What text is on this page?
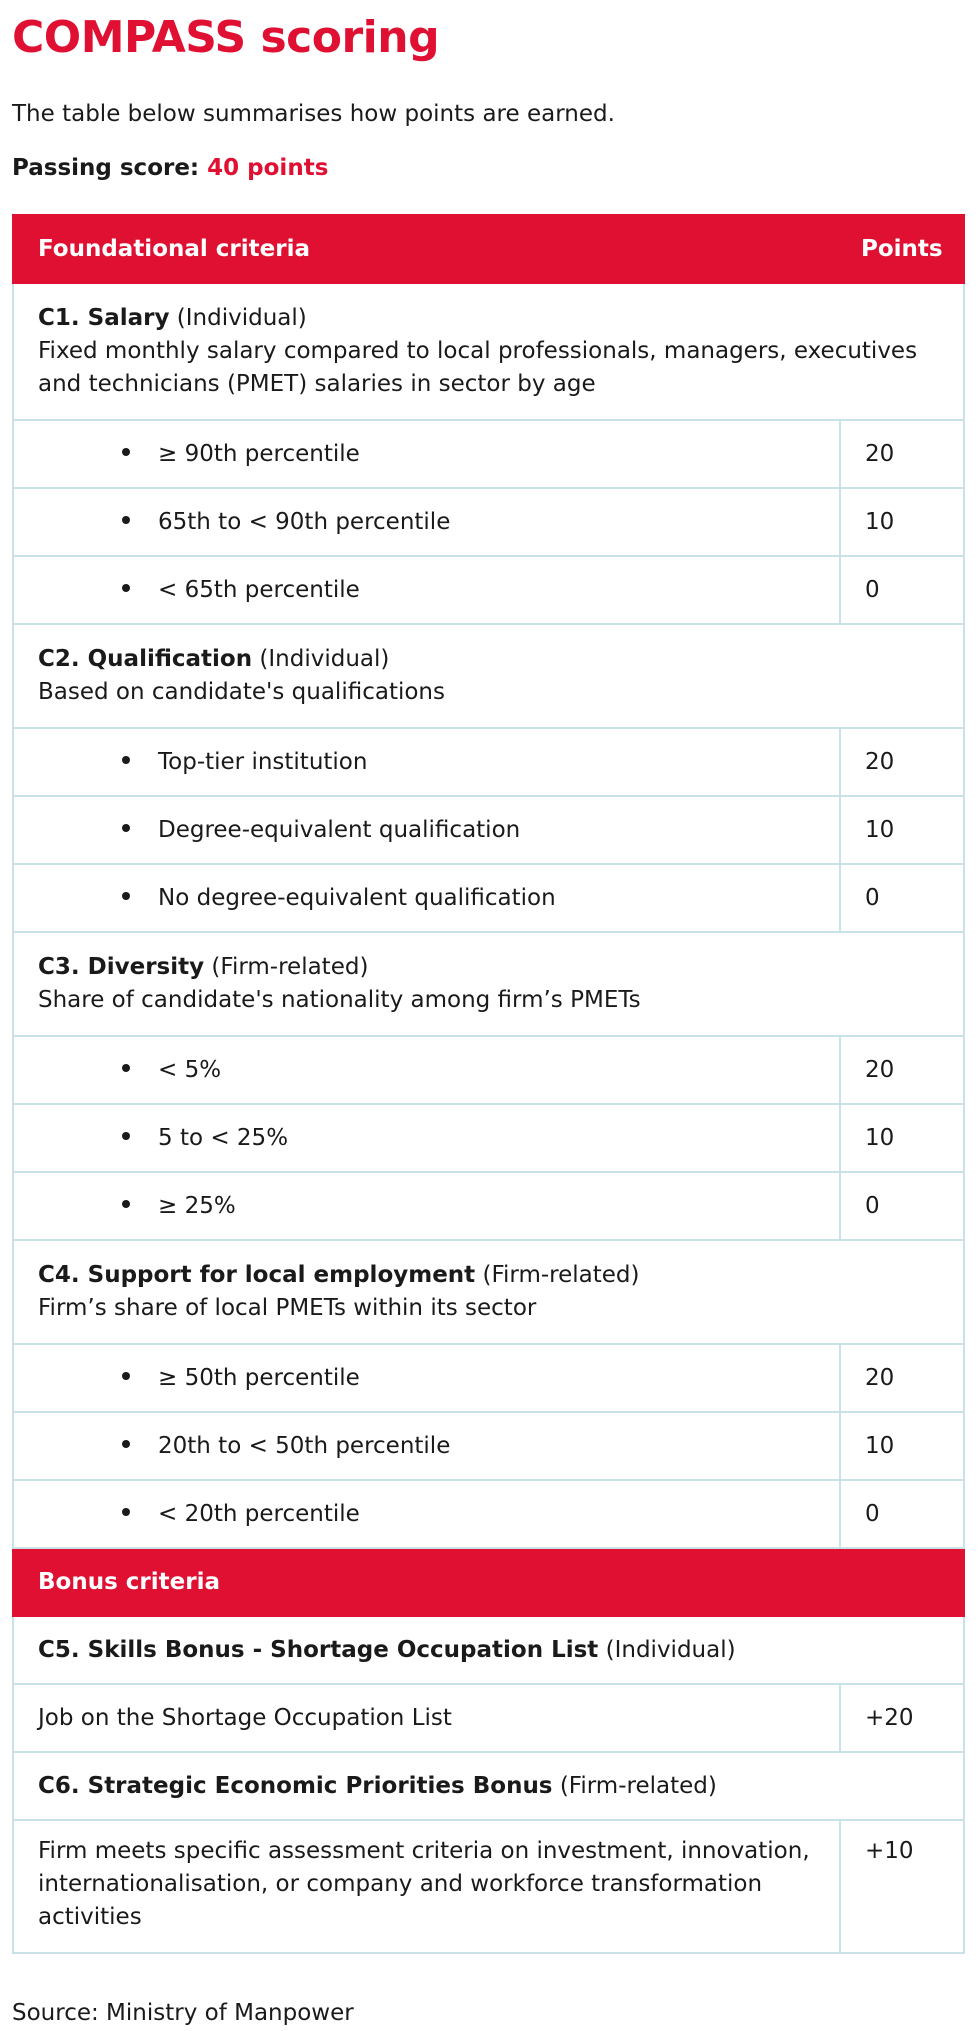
COMPASS scoring
The table below summarises how points are earned.
Passing score: 40 points
Foundational criteria	Points
C1. Salary (Individual)
Fixed monthly salary compared to local professionals, managers, executives and technicians (PMET) salaries in sector by age	
≥ 90th percentile	20
65th to < 90th percentile	10
< 65th percentile	0
C2. Qualification (Individual)
Based on candidate's qualifications	
Top-tier institution	20
Degree-equivalent qualification	10
No degree-equivalent qualification	0
C3. Diversity (Firm-related)
Share of candidate's nationality among firm’s PMETs	
< 5%	20
5 to < 25%	10
≥ 25%	0
C4. Support for local employment (Firm-related)
Firm’s share of local PMETs within its sector	
≥ 50th percentile	20
20th to < 50th percentile	10
< 20th percentile	0
Bonus criteria	
C5. Skills Bonus - Shortage Occupation List (Individual)	
Job on the Shortage Occupation List	+20
C6. Strategic Economic Priorities Bonus (Firm-related)	
Firm meets specific assessment criteria on investment, innovation, internationalisation, or company and workforce transformation activities	+10
Source: Ministry of Manpower
